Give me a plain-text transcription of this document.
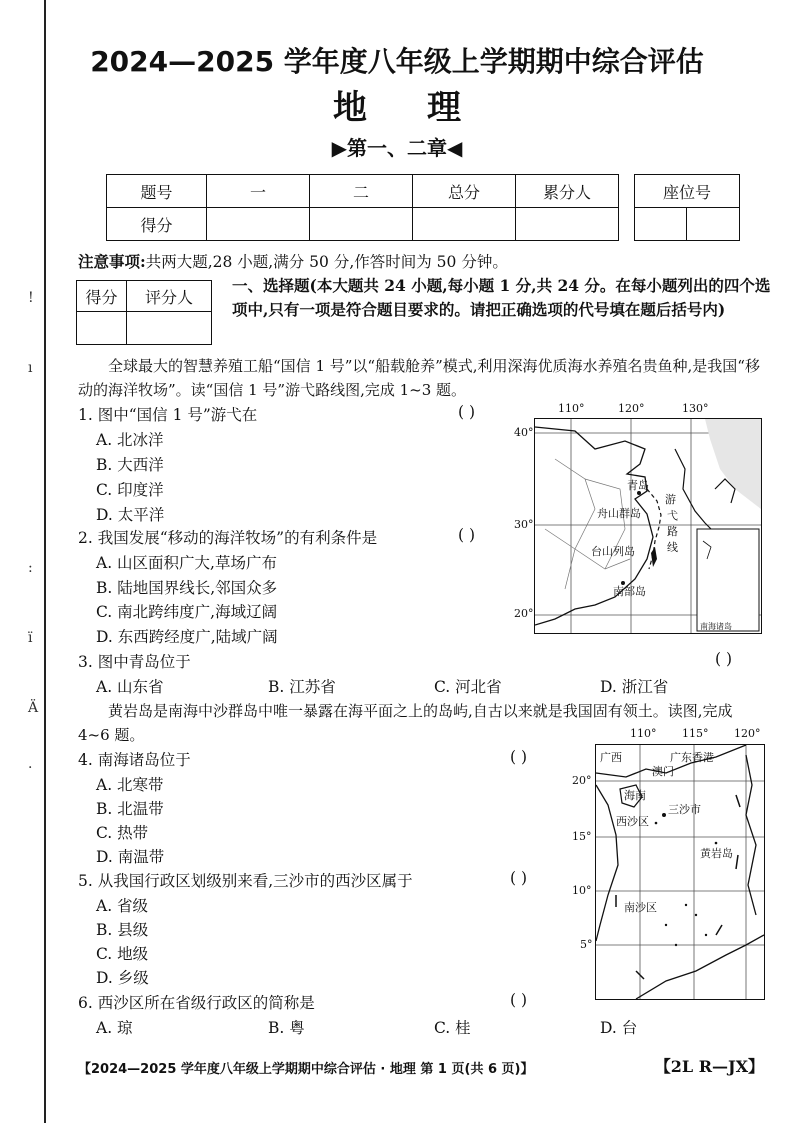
!
ı
:
ï
Ä
·
2024—2025 学年度八年级上学期期中综合评估
地理
▶第一、二章◀
题号	一	二	总分	累分人
得分				
座位号

注意事项:共两大题,28 小题,满分 50 分,作答时间为 50 分钟。
得分	评分人

一、选择题(本大题共 24 小题,每小题 1 分,共 24 分。在每小题列出的四个选项中,只有一项是符合题目要求的。请把正确选项的代号填在题后括号内)
全球最大的智慧养殖工船“国信 1 号”以“船载舱养”模式,利用深海优质海水养殖名贵鱼种,是我国“移动的海洋牧场”。读“国信 1 号”游弋路线图,完成 1~3 题。
1. 图中“国信 1 号”游弋在	( )
A. 北冰洋
B. 大西洋
C. 印度洋
D. 太平洋
2. 我国发展“移动的海洋牧场”的有利条件是	( )
A. 山区面积广大,草场广布
B. 陆地国界线长,邻国众多
C. 南北跨纬度广,海域辽阔
D. 东西跨经度广,陆域广阔
青岛
舟山群岛
台山列岛
南部岛
游
弋
路
线
南海诸岛
110°	120°	130°
40°
30°
20°
3. 图中青岛位于	( )
A. 山东省	B. 江苏省	C. 河北省	D. 浙江省
黄岩岛是南海中沙群岛中唯一暴露在海平面之上的岛屿,自古以来就是我国固有领土。读图,完成 4~6 题。
4. 南海诸岛位于	( )
A. 北寒带
B. 北温带
C. 热带
D. 南温带
5. 从我国行政区划级别来看,三沙市的西沙区属于	( )
A. 省级
B. 县级
C. 地级
D. 乡级
6. 西沙区所在省级行政区的简称是	( )
A. 琼	B. 粤	C. 桂	D. 台
广西	广东 香港
澳门
海南
三沙市
西沙区
黄岩岛
南沙区
110° 115° 120°
20°
15°
10°
5°
【2024—2025 学年度八年级上学期期中综合评估 · 地理 第 1 页(共 6 页)】	【2L R—JX】
